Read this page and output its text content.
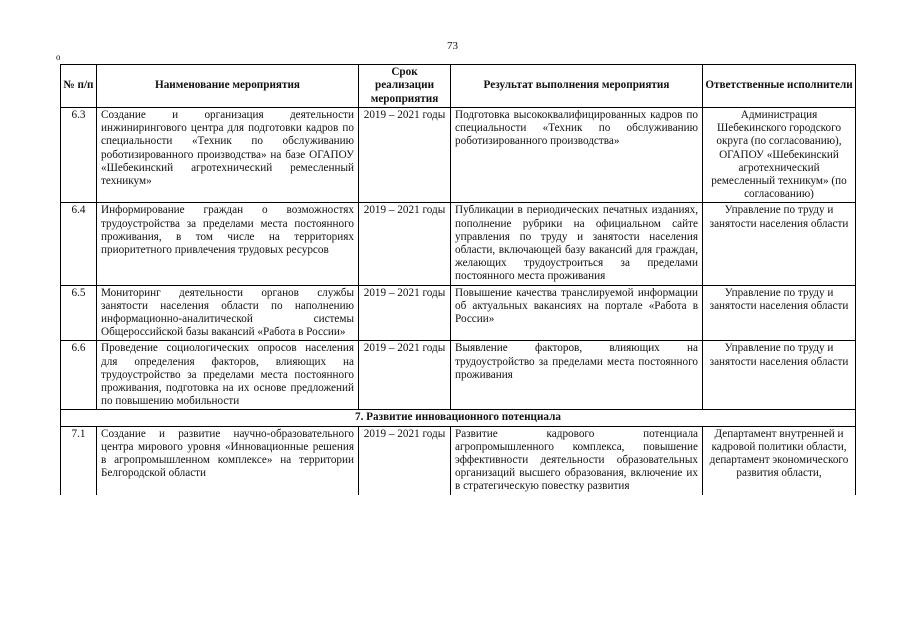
73
o
№ п/п	Наименование мероприятия	Срок реализации мероприятия	Результат выполнения мероприятия	Ответственные исполнители
6.3	Создание и организация деятельности инжинирингового центра для подготовки кадров по специальности «Техник по обслуживанию роботизированного производства» на базе ОГАПОУ «Шебекинский агротехнический ремесленный техникум»	2019 – 2021 годы	Подготовка высококвалифицированных кадров по специальности «Техник по обслуживанию роботизированного производства»	Администрация Шебекинского городского округа (по согласованию), ОГАПОУ «Шебекинский агротехнический ремесленный техникум» (по согласованию)
6.4	Информирование граждан о возможностях трудоустройства за пределами места постоянного проживания, в том числе на территориях приоритетного привлечения трудовых ресурсов	2019 – 2021 годы	Публикации в периодических печатных изданиях, пополнение рубрики на официальном сайте управления по труду и занятости населения области, включающей базу вакансий для граждан, желающих трудоустроиться за пределами постоянного места проживания	Управление по труду и занятости населения области
6.5	Мониторинг деятельности органов службы занятости населения области по наполнению информационно-аналитической системы Общероссийской базы вакансий «Работа в России»	2019 – 2021 годы	Повышение качества транслируемой информации об актуальных вакансиях на портале «Работа в России»	Управление по труду и занятости населения области
6.6	Проведение социологических опросов населения для определения факторов, влияющих на трудоустройство за пределами места постоянного проживания, подготовка на их основе предложений по повышению мобильности	2019 – 2021 годы	Выявление факторов, влияющих на трудоустройство за пределами места постоянного проживания	Управление по труду и занятости населения области
7. Развитие инновационного потенциала				
7.1	Создание и развитие научно-образовательного центра мирового уровня «Инновационные решения в агропромышленном комплексе» на территории Белгородской области	2019 – 2021 годы	Развитие кадрового потенциала агропромышленного комплекса, повышение эффективности деятельности образовательных организаций высшего образования, включение их в стратегическую повестку развития	Департамент внутренней и кадровой политики области, департамент экономического развития области,
